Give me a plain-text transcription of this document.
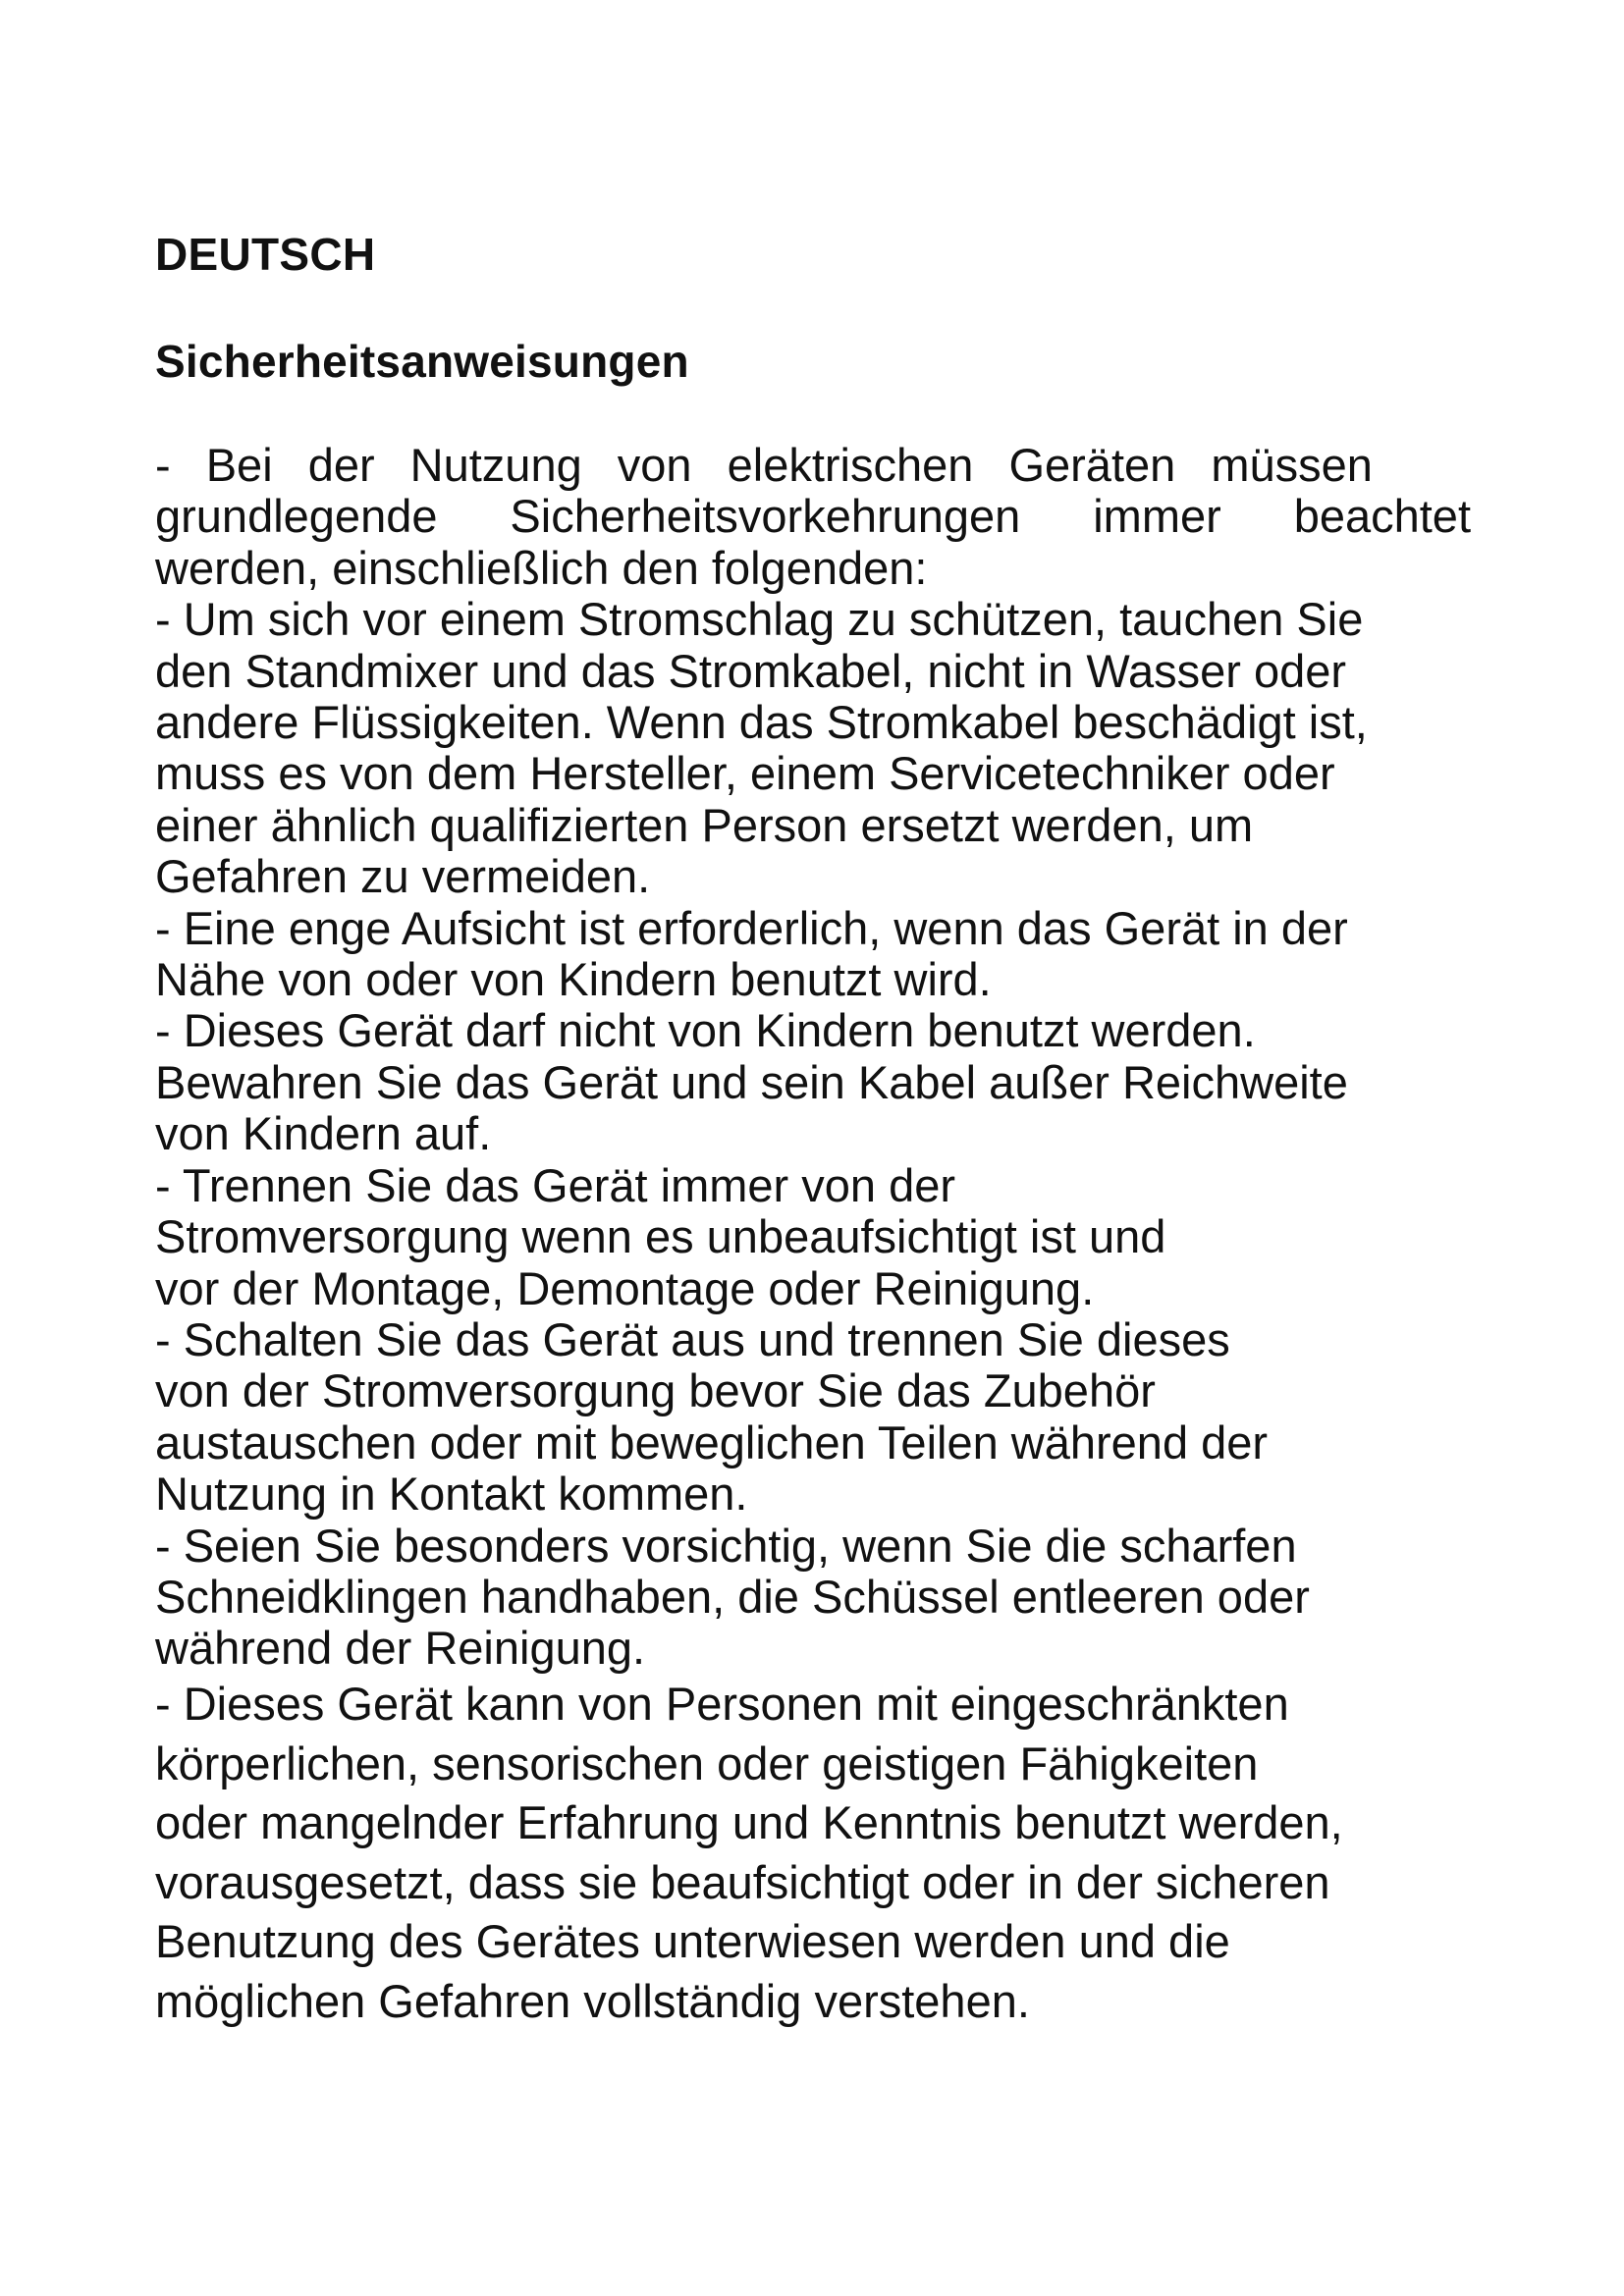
DEUTSCH
Sicherheitsanweisungen
- Bei der Nutzung von elektrischen Geräten müssen
grundlegende Sicherheitsvorkehrungen immer beachtet
werden, einschließlich den folgenden:
- Um sich vor einem Stromschlag zu schützen, tauchen Sie
den Standmixer und das Stromkabel, nicht in Wasser oder
andere Flüssigkeiten. Wenn das Stromkabel beschädigt ist,
muss es von dem Hersteller, einem Servicetechniker oder
einer ähnlich qualifizierten Person ersetzt werden, um
Gefahren zu vermeiden.
- Eine enge Aufsicht ist erforderlich, wenn das Gerät in der
Nähe von oder von Kindern benutzt wird.
- Dieses Gerät darf nicht von Kindern benutzt werden.
Bewahren Sie das Gerät und sein Kabel außer Reichweite
von Kindern auf.
- Trennen Sie das Gerät immer von der
Stromversorgung wenn es unbeaufsichtigt ist und
vor der Montage, Demontage oder Reinigung.
- Schalten Sie das Gerät aus und trennen Sie dieses
von der Stromversorgung bevor Sie das Zubehör
austauschen oder mit beweglichen Teilen während der
Nutzung in Kontakt kommen.
- Seien Sie besonders vorsichtig, wenn Sie die scharfen
Schneidklingen handhaben, die Schüssel entleeren oder
während der Reinigung.
- Dieses Gerät kann von Personen mit eingeschränkten
körperlichen, sensorischen oder geistigen Fähigkeiten
oder mangelnder Erfahrung und Kenntnis benutzt werden,
vorausgesetzt, dass sie beaufsichtigt oder in der sicheren
Benutzung des Gerätes unterwiesen werden und die
möglichen Gefahren vollständig verstehen.
